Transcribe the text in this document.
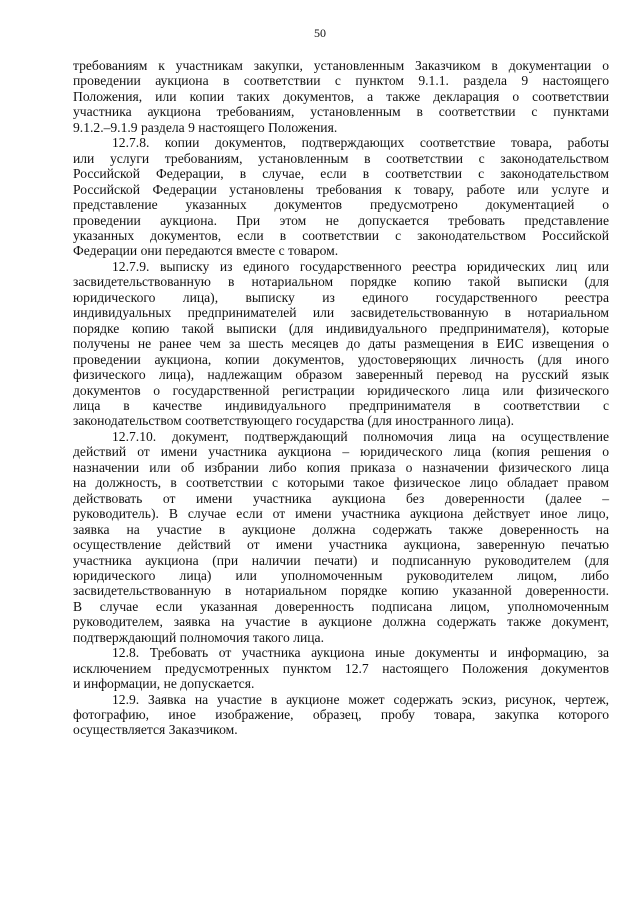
50
требованиям к участникам закупки, установленным Заказчиком в документации о
проведении аукциона в соответствии с пунктом 9.1.1. раздела 9 настоящего
Положения, или копии таких документов, а также декларация о соответствии
участника аукциона требованиям, установленным в соответствии с пунктами
9.1.2.–9.1.9 раздела 9 настоящего Положения.
12.7.8. копии документов, подтверждающих соответствие товара, работы
или услуги требованиям, установленным в соответствии с законодательством
Российской Федерации, в случае, если в соответствии с законодательством
Российской Федерации установлены требования к товару, работе или услуге и
представление указанных документов предусмотрено документацией о
проведении аукциона. При этом не допускается требовать представление
указанных документов, если в соответствии с законодательством Российской
Федерации они передаются вместе с товаром.
12.7.9. выписку из единого государственного реестра юридических лиц или
засвидетельствованную в нотариальном порядке копию такой выписки (для
юридического лица), выписку из единого государственного реестра
индивидуальных предпринимателей или засвидетельствованную в нотариальном
порядке копию такой выписки (для индивидуального предпринимателя), которые
получены не ранее чем за шесть месяцев до даты размещения в ЕИС извещения о
проведении аукциона, копии документов, удостоверяющих личность (для иного
физического лица), надлежащим образом заверенный перевод на русский язык
документов о государственной регистрации юридического лица или физического
лица в качестве индивидуального предпринимателя в соответствии с
законодательством соответствующего государства (для иностранного лица).
12.7.10. документ, подтверждающий полномочия лица на осуществление
действий от имени участника аукциона – юридического лица (копия решения о
назначении или об избрании либо копия приказа о назначении физического лица
на должность, в соответствии с которыми такое физическое лицо обладает правом
действовать от имени участника аукциона без доверенности (далее –
руководитель). В случае если от имени участника аукциона действует иное лицо,
заявка на участие в аукционе должна содержать также доверенность на
осуществление действий от имени участника аукциона, заверенную печатью
участника аукциона (при наличии печати) и подписанную руководителем (для
юридического лица) или уполномоченным руководителем лицом, либо
засвидетельствованную в нотариальном порядке копию указанной доверенности.
В случае если указанная доверенность подписана лицом, уполномоченным
руководителем, заявка на участие в аукционе должна содержать также документ,
подтверждающий полномочия такого лица.
12.8. Требовать от участника аукциона иные документы и информацию, за
исключением предусмотренных пунктом 12.7 настоящего Положения документов
и информации, не допускается.
12.9. Заявка на участие в аукционе может содержать эскиз, рисунок, чертеж,
фотографию, иное изображение, образец, пробу товара, закупка которого
осуществляется Заказчиком.
